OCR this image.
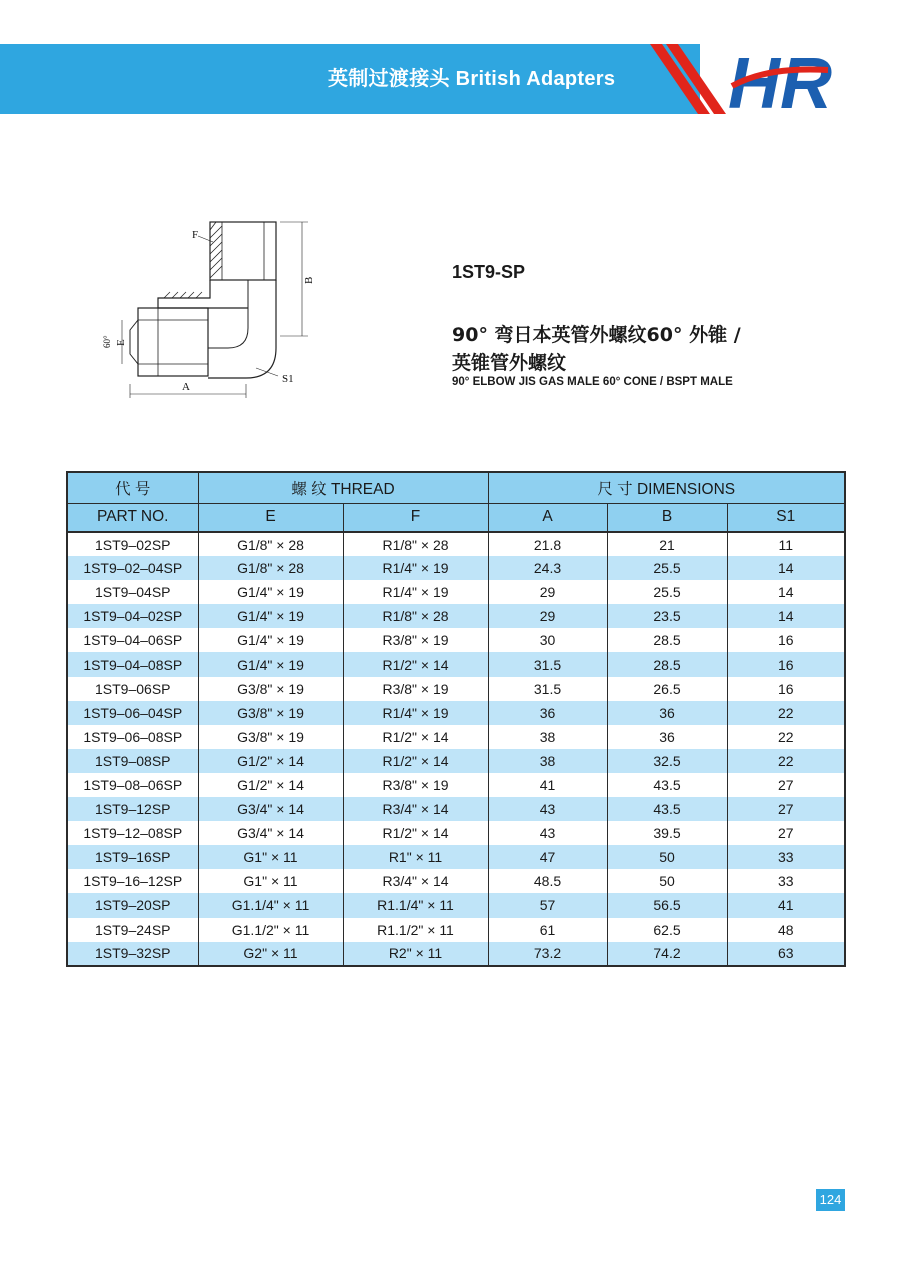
英制过渡接头 British Adapters HR
F
B
E
60°
A
S1
1ST9-SP
90° 弯日本英管外螺纹60° 外锥 /
英锥管外螺纹
90° ELBOW JIS GAS MALE 60° CONE / BSPT MALE
代 号	螺 纹 THREAD		尺 寸 DIMENSIONS		
PART NO.	E	F	A	B	S1
1ST9–02SP	G1/8" × 28	R1/8" × 28	21.8	21	11
1ST9–02–04SP	G1/8" × 28	R1/4" × 19	24.3	25.5	14
1ST9–04SP	G1/4" × 19	R1/4" × 19	29	25.5	14
1ST9–04–02SP	G1/4" × 19	R1/8" × 28	29	23.5	14
1ST9–04–06SP	G1/4" × 19	R3/8" × 19	30	28.5	16
1ST9–04–08SP	G1/4" × 19	R1/2" × 14	31.5	28.5	16
1ST9–06SP	G3/8" × 19	R3/8" × 19	31.5	26.5	16
1ST9–06–04SP	G3/8" × 19	R1/4" × 19	36	36	22
1ST9–06–08SP	G3/8" × 19	R1/2" × 14	38	36	22
1ST9–08SP	G1/2" × 14	R1/2" × 14	38	32.5	22
1ST9–08–06SP	G1/2" × 14	R3/8" × 19	41	43.5	27
1ST9–12SP	G3/4" × 14	R3/4" × 14	43	43.5	27
1ST9–12–08SP	G3/4" × 14	R1/2" × 14	43	39.5	27
1ST9–16SP	G1" × 11	R1" × 11	47	50	33
1ST9–16–12SP	G1" × 11	R3/4" × 14	48.5	50	33
1ST9–20SP	G1.1/4" × 11	R1.1/4" × 11	57	56.5	41
1ST9–24SP	G1.1/2" × 11	R1.1/2" × 11	61	62.5	48
1ST9–32SP	G2" × 11	R2" × 11	73.2	74.2	63
124
